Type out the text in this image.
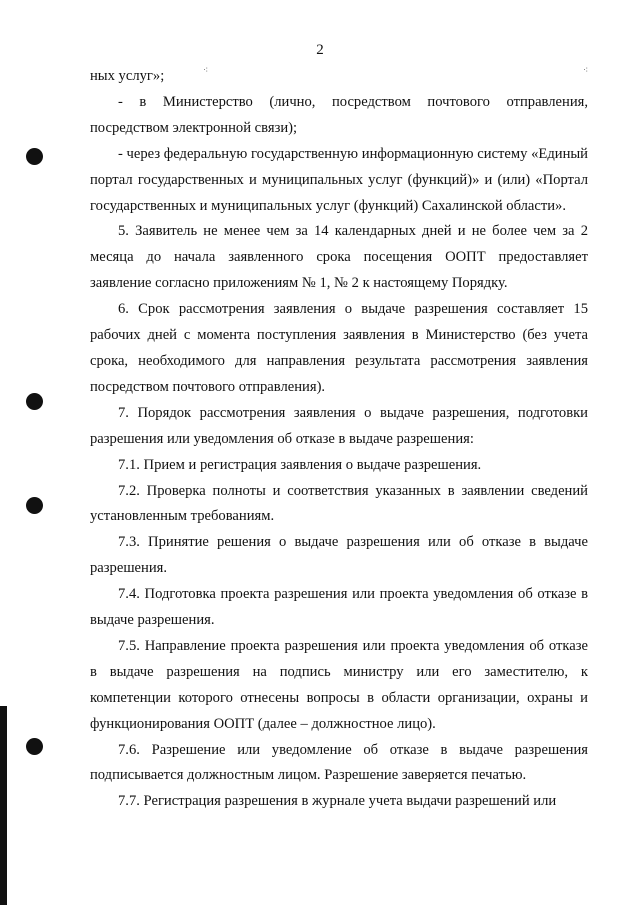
2

ных услуг»;

- в Министерство (лично, посредством почтового отправления, посредством электронной связи);

- через федеральную государственную информационную систему «Единый портал государственных и муниципальных услуг (функций)» и (или) «Портал государственных и муниципальных услуг (функций) Сахалинской области».

5. Заявитель не менее чем за 14 календарных дней и не более чем за 2 месяца до начала заявленного срока посещения ООПТ предоставляет заявление согласно приложениям № 1, № 2 к настоящему Порядку.

6. Срок рассмотрения заявления о выдаче разрешения составляет 15 рабочих дней с момента поступления заявления в Министерство (без учета срока, необходимого для направления результата рассмотрения заявления посредством почтового отправления).

7. Порядок рассмотрения заявления о выдаче разрешения, подготовки разрешения или уведомления об отказе в выдаче разрешения:

7.1. Прием и регистрация заявления о выдаче разрешения.

7.2. Проверка полноты и соответствия указанных в заявлении сведений установленным требованиям.

7.3. Принятие решения о выдаче разрешения или об отказе в выдаче разрешения.

7.4. Подготовка проекта разрешения или проекта уведомления об отказе в выдаче разрешения.

7.5. Направление проекта разрешения или проекта уведомления об отказе в выдаче разрешения на подпись министру или его заместителю, к компетенции которого отнесены вопросы в области организации, охраны и функционирования ООПТ (далее – должностное лицо).

7.6. Разрешение или уведомление об отказе в выдаче разрешения подписывается должностным лицом. Разрешение заверяется печатью.

7.7. Регистрация разрешения в журнале учета выдачи разрешений или

⁖	⁖
